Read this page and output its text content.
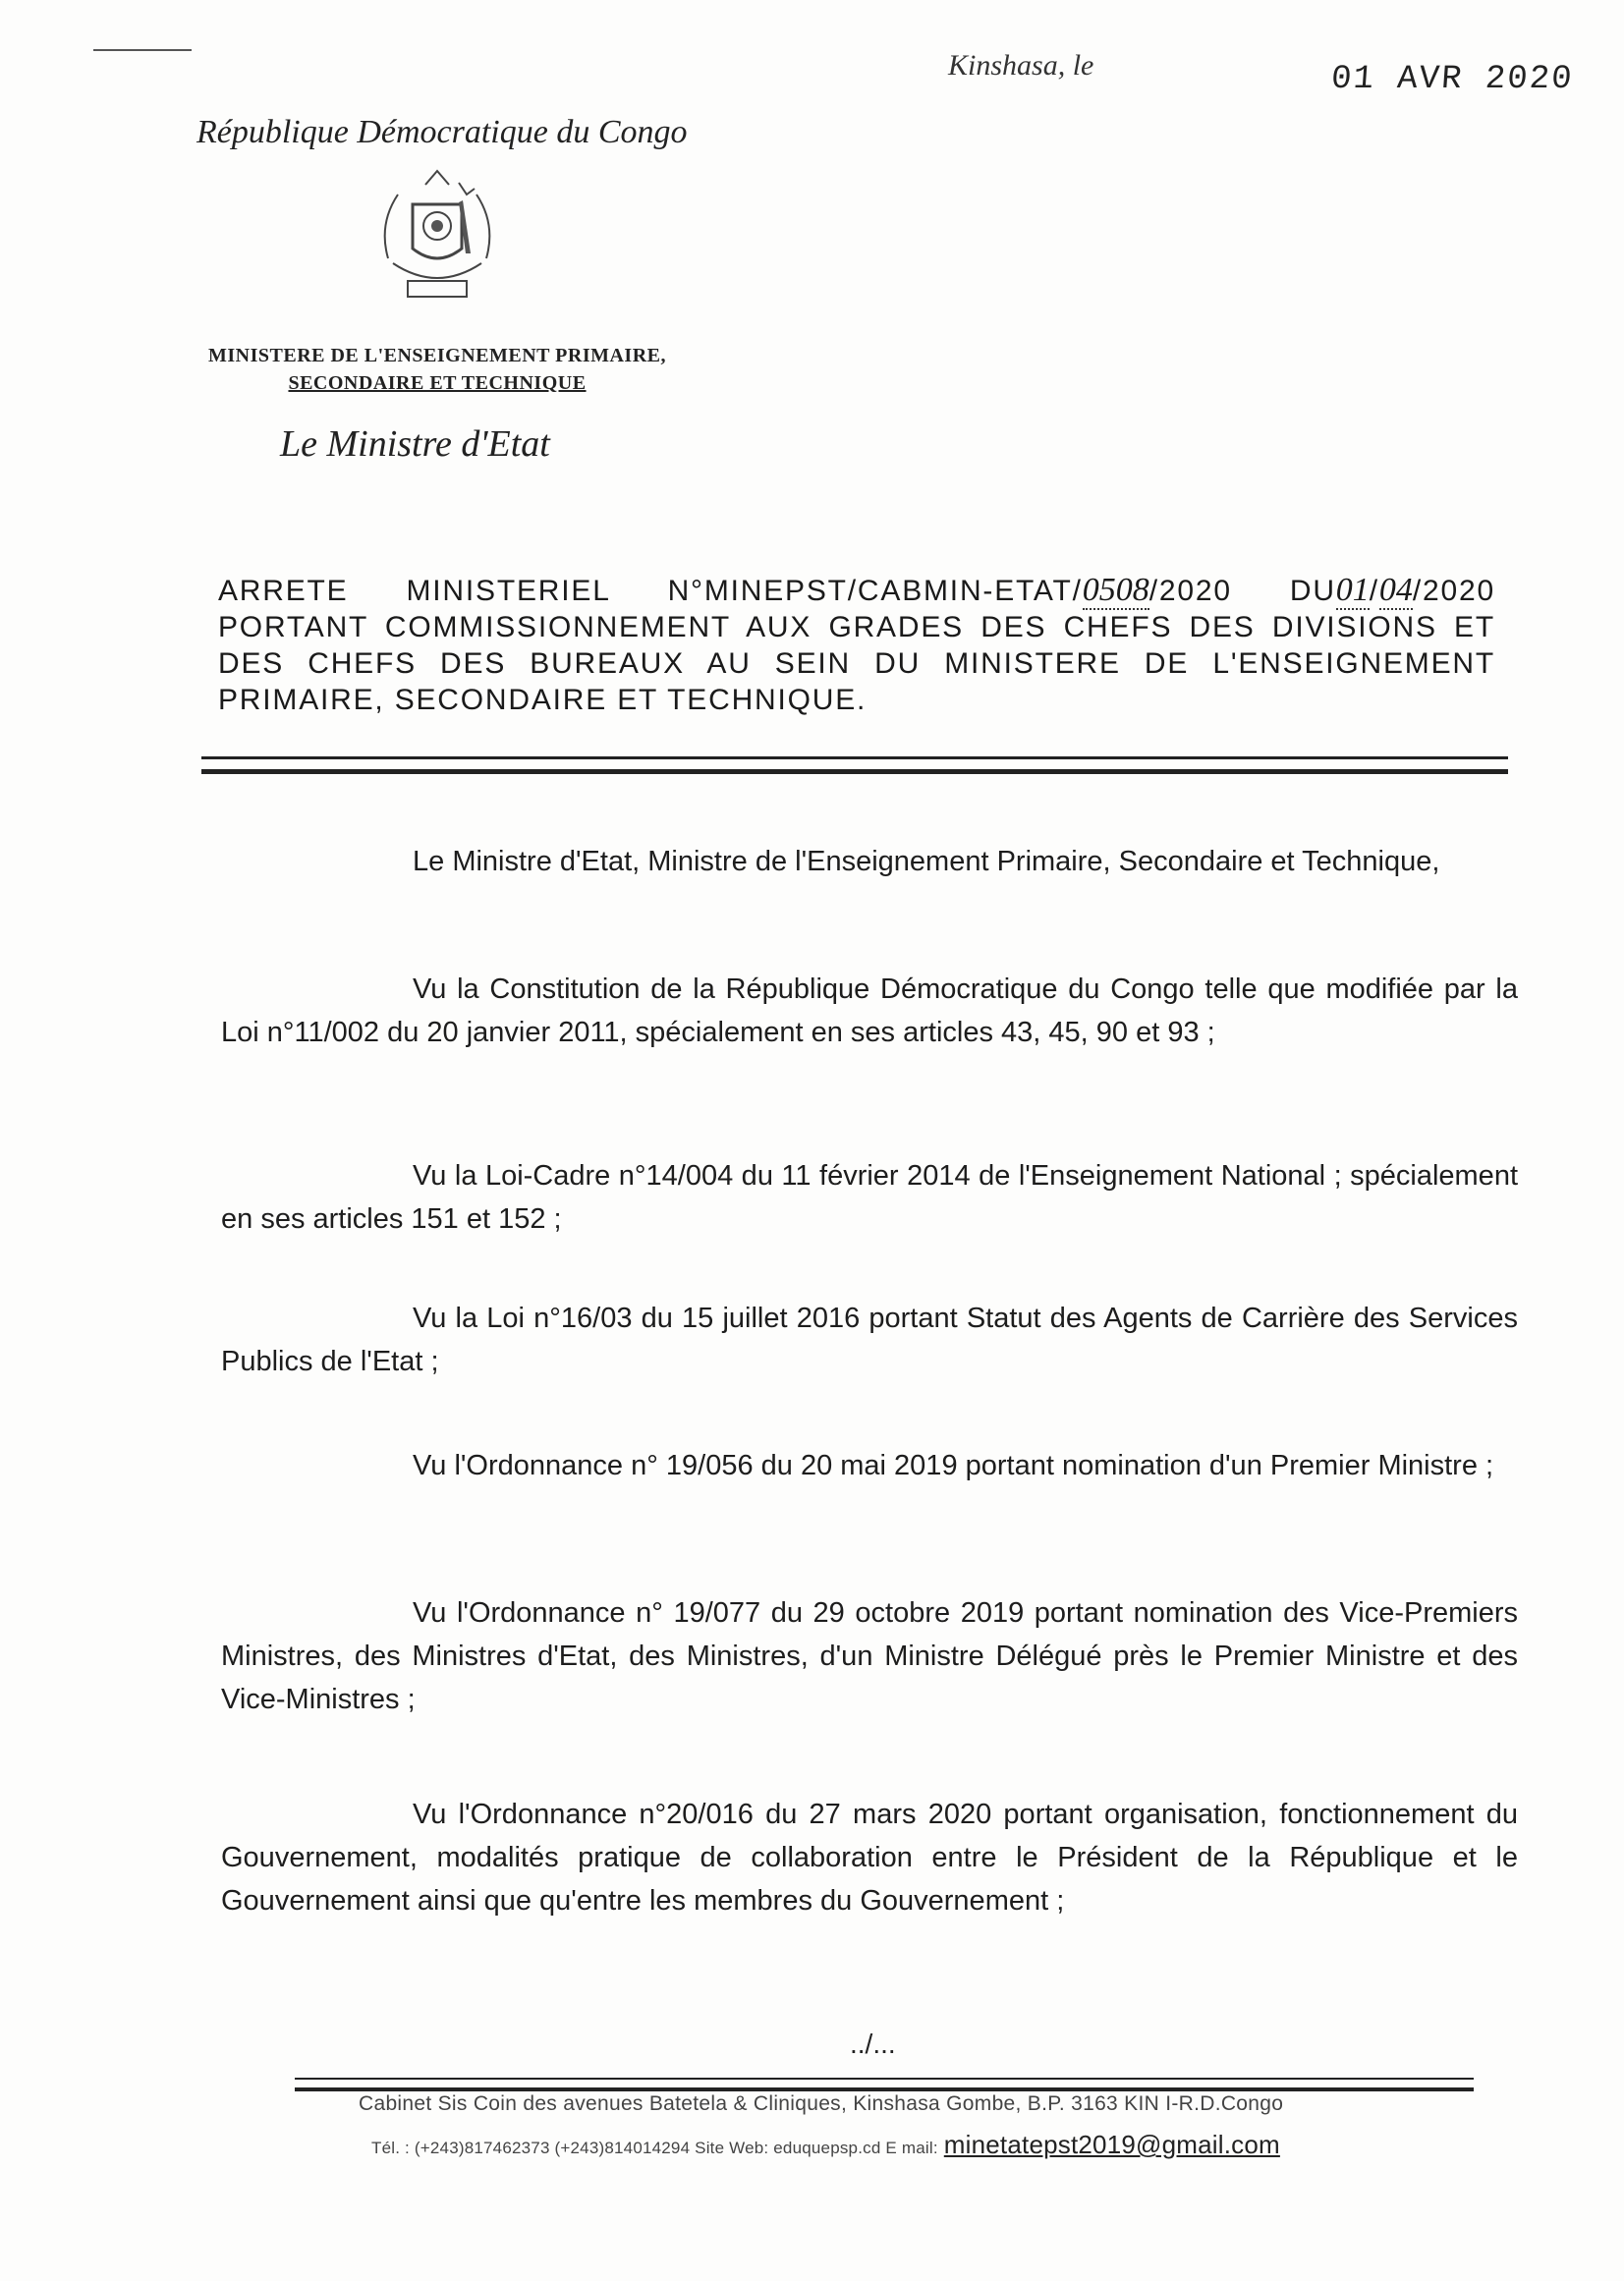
Kinshasa, le	01 AVR 2020
République Démocratique du Congo
MINISTERE DE L'ENSEIGNEMENT PRIMAIRE,
SECONDAIRE ET TECHNIQUE
Le Ministre d'Etat
ARRETE MINISTERIEL N°MINEPST/CABMIN-ETAT/0508/2020 DU01/04/2020 PORTANT COMMISSIONNEMENT AUX GRADES DES CHEFS DES DIVISIONS ET DES CHEFS DES BUREAUX AU SEIN DU MINISTERE DE L'ENSEIGNEMENT PRIMAIRE, SECONDAIRE ET TECHNIQUE.

Le Ministre d'Etat, Ministre de l'Enseignement Primaire, Secondaire et Technique,

Vu la Constitution de la République Démocratique du Congo telle que modifiée par la Loi n°11/002 du 20 janvier 2011, spécialement en ses articles 43, 45, 90 et 93 ;

Vu la Loi-Cadre n°14/004 du 11 février 2014 de l'Enseignement National ; spécialement en ses articles 151 et 152 ;

Vu la Loi n°16/03 du 15 juillet 2016 portant Statut des Agents de Carrière des Services Publics de l'Etat ;

Vu l'Ordonnance n° 19/056 du 20 mai 2019 portant nomination d'un Premier Ministre ;

Vu l'Ordonnance n° 19/077 du 29 octobre 2019 portant nomination des Vice-Premiers Ministres, des Ministres d'Etat, des Ministres, d'un Ministre Délégué près le Premier Ministre et des Vice-Ministres ;

Vu l'Ordonnance n°20/016 du 27 mars 2020 portant organisation, fonctionnement du Gouvernement, modalités pratique de collaboration entre le Président de la République et le Gouvernement ainsi que qu'entre les membres du Gouvernement ;

../...
Cabinet Sis Coin des avenues Batetela & Cliniques, Kinshasa Gombe, B.P. 3163 KIN I-R.D.Congo
Tél. : (+243)817462373 (+243)814014294 Site Web: eduquepsp.cd E mail: minetatepst2019@gmail.com
